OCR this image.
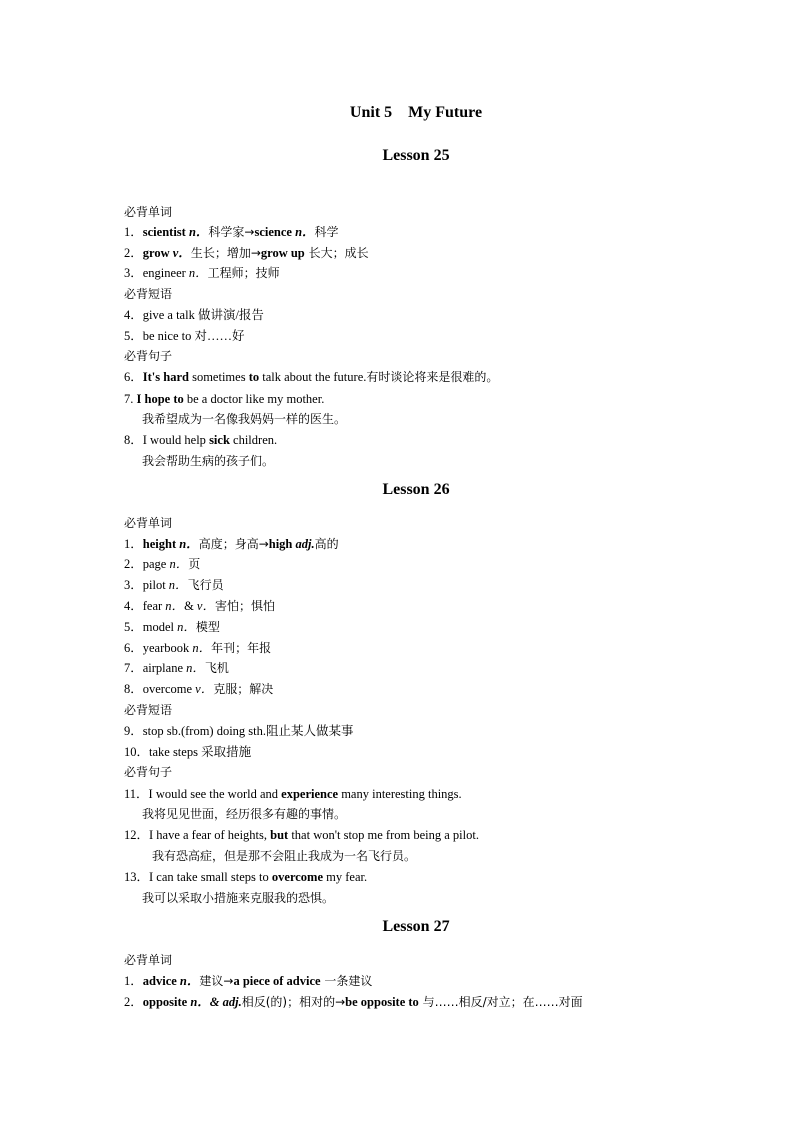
Unit 5    My Future
Lesson 25
必背单词
1．scientist n．科学家→science n．科学
2．grow v．生长；增加→grow up 长大；成长
3．engineer n．工程师；技师
必背短语
4．give a talk 做讲演/报告
5．be nice to 对……好
必背句子
6．It's hard sometimes to talk about the future.有时谈论将来是很难的。
7. I hope to be a doctor like my mother.
我希望成为一名像我妈妈一样的医生。
8．I would help sick children.
我会帮助生病的孩子们。
Lesson 26
必背单词
1．height n．高度；身高→high adj.高的
2．page n．页
3．pilot n．飞行员
4．fear n．& v．害怕；惧怕
5．model n．模型
6．yearbook n．年刊；年报
7．airplane n．飞机
8．overcome v．克服；解决
必背短语
9．stop sb.(from) doing sth.阻止某人做某事
10．take steps 采取措施
必背句子
11．I would see the world and experience many interesting things.
我将见见世面，经历很多有趣的事情。
12．I have a fear of heights, but that won't stop me from being a pilot.
我有恐高症，但是那不会阻止我成为一名飞行员。
13．I can take small steps to overcome my fear.
我可以采取小措施来克服我的恐惧。
Lesson 27
必背单词
1．advice n．建议→a piece of advice 一条建议
2．opposite n．& adj.相反(的)；相对的→be opposite to 与……相反/对立；在……对面
